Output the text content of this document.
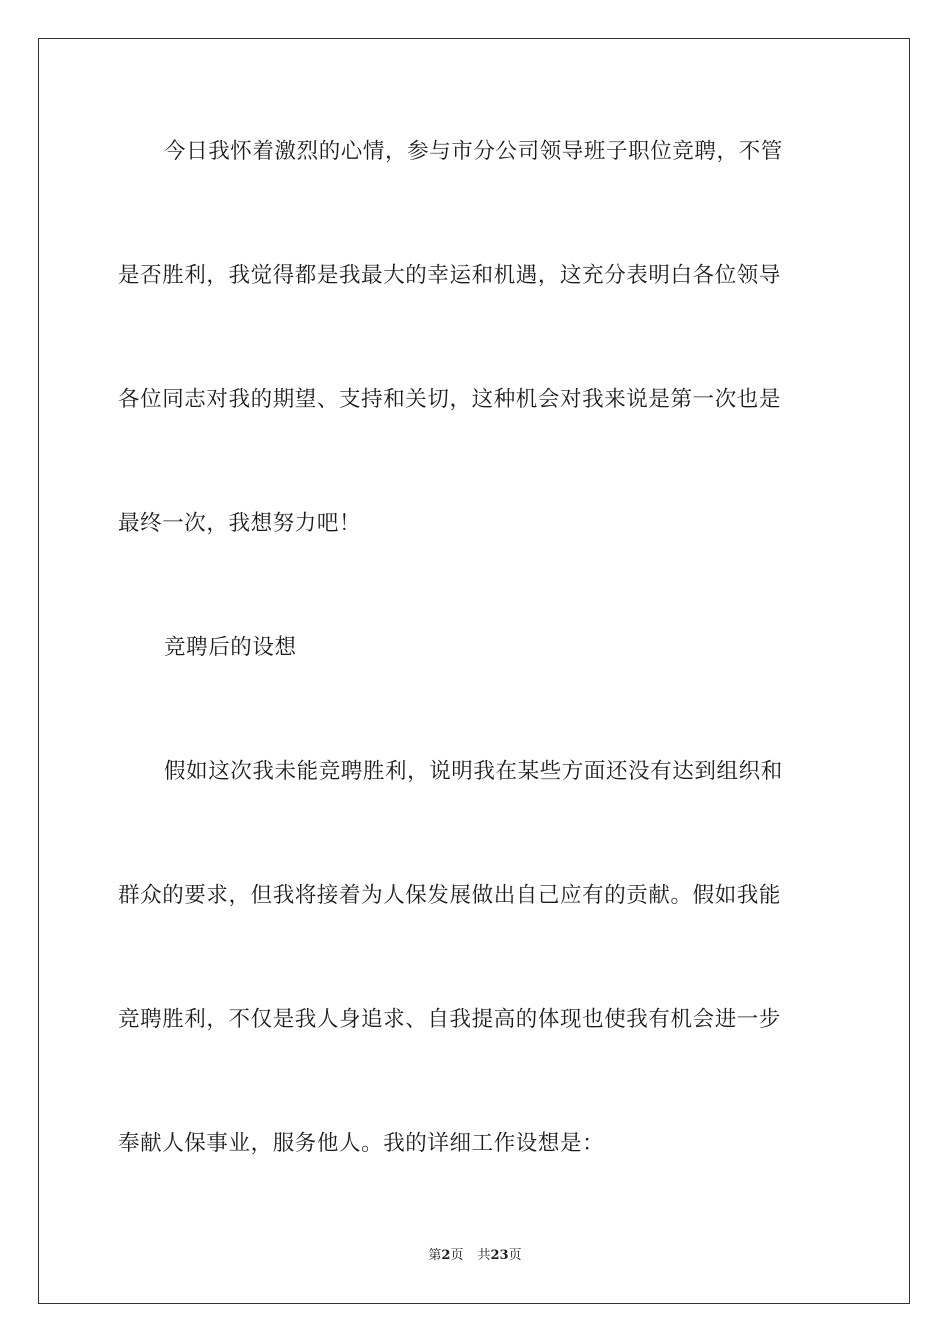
今日我怀着激烈的心情，参与市分公司领导班子职位竞聘，不管
是否胜利，我觉得都是我最大的幸运和机遇，这充分表明白各位领导
各位同志对我的期望、支持和关切，这种机会对我来说是第一次也是
最终一次，我想努力吧！
竞聘后的设想
假如这次我未能竞聘胜利，说明我在某些方面还没有达到组织和
群众的要求，但我将接着为人保发展做出自己应有的贡献。假如我能
竞聘胜利，不仅是我人身追求、自我提高的体现也使我有机会进一步
奉献人保事业，服务他人。我的详细工作设想是：
第2页 共23页
